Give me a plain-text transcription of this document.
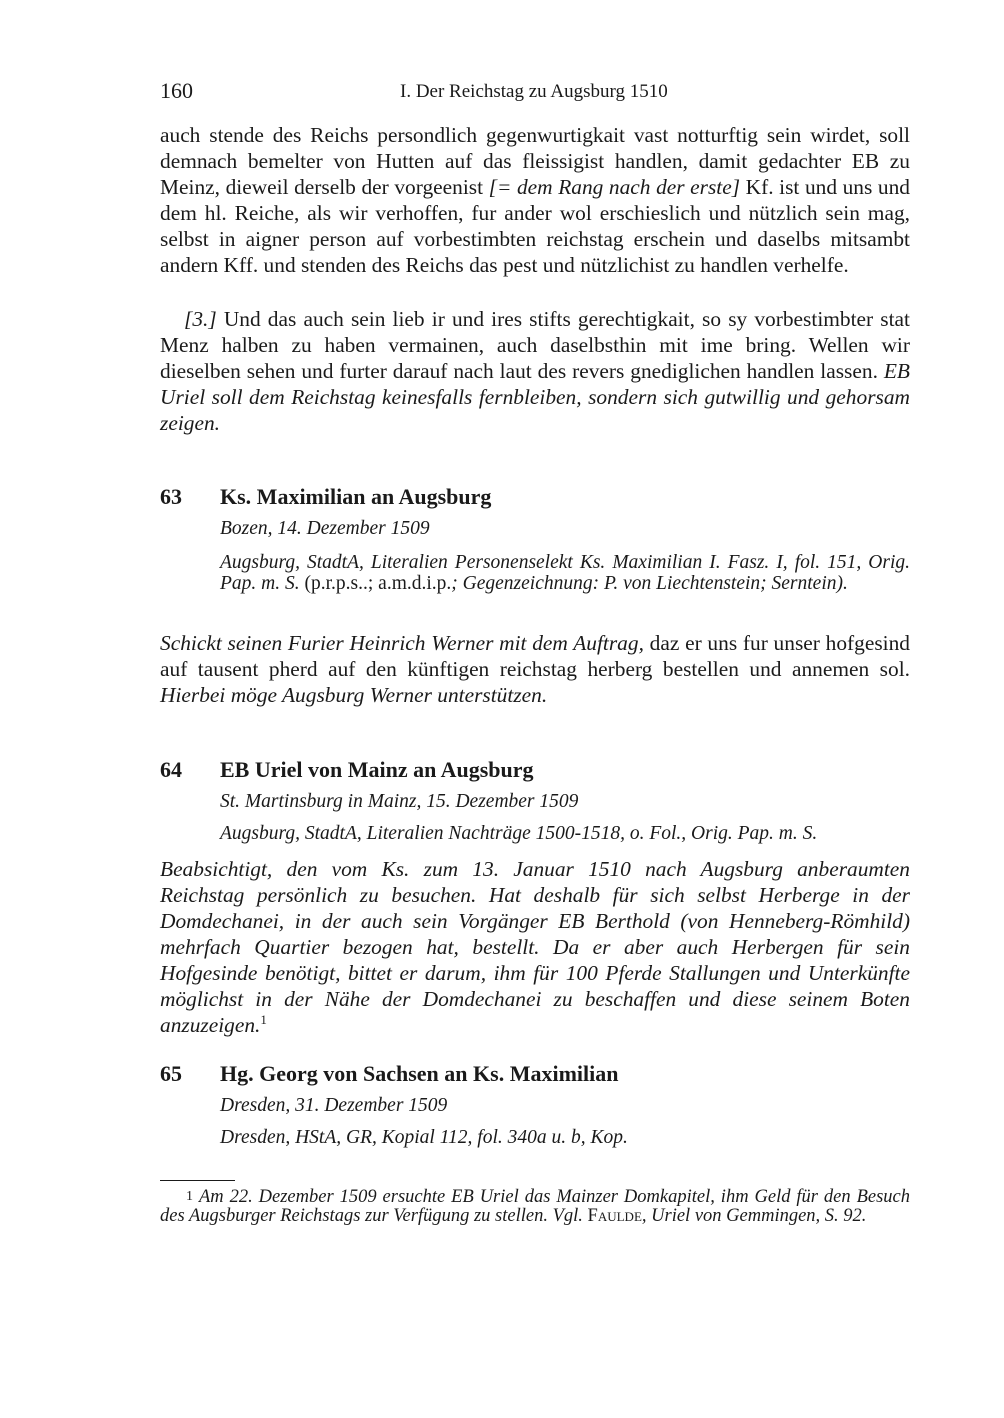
160	I. Der Reichstag zu Augsburg 1510
auch stende des Reichs persondlich gegenwurtigkait vast notturftig sein wirdet, soll demnach bemelter von Hutten auf das fleissigist handlen, damit gedachter EB zu Meinz, dieweil derselb der vorgeenist [= dem Rang nach der erste] Kf. ist und uns und dem hl. Reiche, als wir verhoffen, fur ander wol erschieslich und nützlich sein mag, selbst in aigner person auf vorbestimbten reichstag erschein und daselbs mitsambt andern Kff. und stenden des Reichs das pest und nützlichist zu handlen verhelfe.
[3.] Und das auch sein lieb ir und ires stifts gerechtigkait, so sy vorbestimbter stat Menz halben zu haben vermainen, auch daselbsthin mit ime bring. Wellen wir dieselben sehen und furter darauf nach laut des revers gnediglichen handlen lassen. EB Uriel soll dem Reichstag keinesfalls fernbleiben, sondern sich gutwillig und gehorsam zeigen.
63 Ks. Maximilian an Augsburg
Bozen, 14. Dezember 1509
Augsburg, StadtA, Literalien Personenselekt Ks. Maximilian I. Fasz. I, fol. 151, Orig. Pap. m. S. (p.r.p.s..; a.m.d.i.p.; Gegenzeichnung: P. von Liechtenstein; Serntein).
Schickt seinen Furier Heinrich Werner mit dem Auftrag, daz er uns fur unser hofgesind auf tausent pherd auf den künftigen reichstag herberg bestellen und annemen sol. Hierbei möge Augsburg Werner unterstützen.
64 EB Uriel von Mainz an Augsburg
St. Martinsburg in Mainz, 15. Dezember 1509
Augsburg, StadtA, Literalien Nachträge 1500-1518, o. Fol., Orig. Pap. m. S.
Beabsichtigt, den vom Ks. zum 13. Januar 1510 nach Augsburg anberaumten Reichstag persönlich zu besuchen. Hat deshalb für sich selbst Herberge in der Domdechanei, in der auch sein Vorgänger EB Berthold (von Henneberg-Römhild) mehrfach Quartier bezogen hat, bestellt. Da er aber auch Herbergen für sein Hofgesinde benötigt, bittet er darum, ihm für 100 Pferde Stallungen und Unterkünfte möglichst in der Nähe der Domdechanei zu beschaffen und diese seinem Boten anzuzeigen.$^1$
65 Hg. Georg von Sachsen an Ks. Maximilian
Dresden, 31. Dezember 1509
Dresden, HStA, GR, Kopial 112, fol. 340a u. b, Kop.
$^1$ Am 22. Dezember 1509 ersuchte EB Uriel das Mainzer Domkapitel, ihm Geld für den Besuch des Augsburger Reichstags zur Verfügung zu stellen. Vgl. Faulde, Uriel von Gemmingen, S. 92.
